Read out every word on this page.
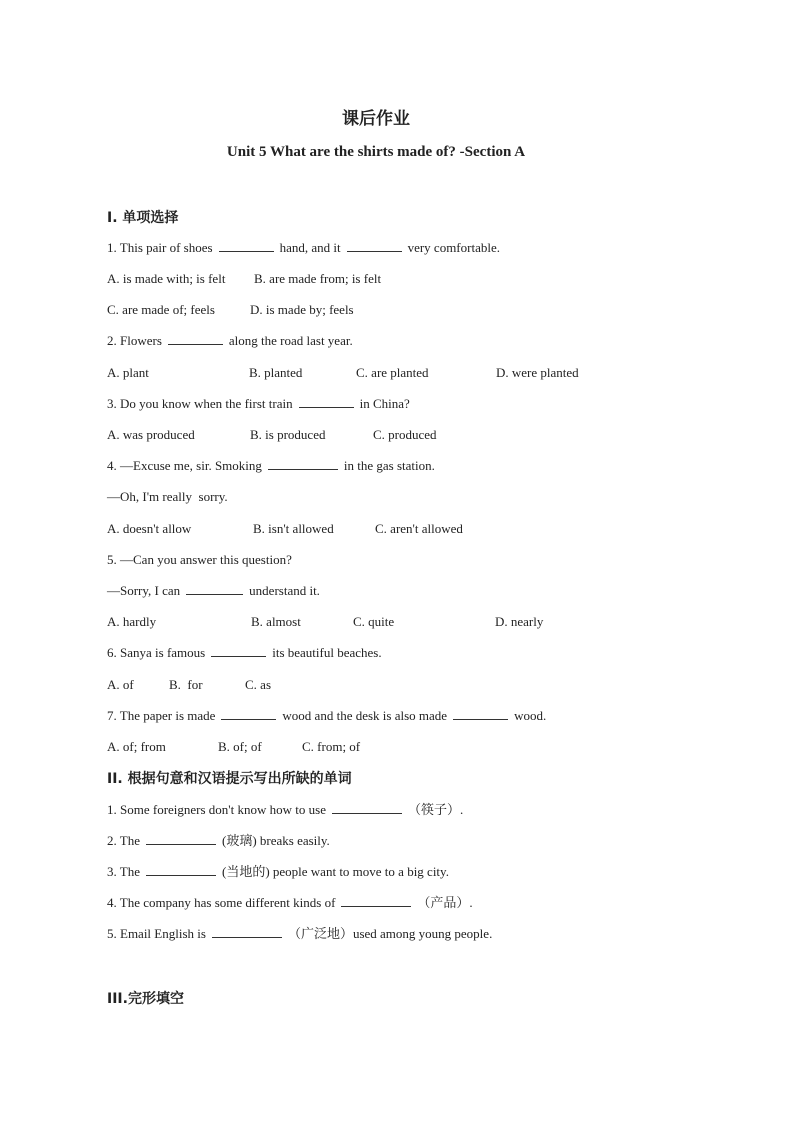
课后作业
Unit 5 What are the shirts made of? -Section A
I. 单项选择
1. This pair of shoes	hand, and it	very comfortable.
A. is made with; is felt B. are made from; is felt
C. are made of; feels	D. is made by; feels
2. Flowers	along the road last year.
A. plant	B. planted	C. are planted	D. were planted
3. Do you know when the first train	in China?
A. was produced	B. is produced	C. produced
4. —Excuse me, sir. Smoking	in the gas station.
—Oh, I'm really  sorry.
A. doesn't allow	B. isn't allowed	C. aren't allowed
5. —Can you answer this question?
—Sorry, I can	understand it.
A. hardly	B. almost	C. quite	D. nearly
6. Sanya is famous	its beautiful beaches.
A. of	B.  for	C. as
7. The paper is made	wood and the desk is also made	wood.
A. of; from	B. of; of	C. from; of
II. 根据句意和汉语提示写出所缺的单词
1. Some foreigners don't know how to use	（筷子）.
2. The	(玻璃) breaks easily.
3. The	(当地的) people want to move to a big city.
4. The company has some different kinds of	（产品）.
5. Email English is	（广泛地）used among young people.
III.完形填空
